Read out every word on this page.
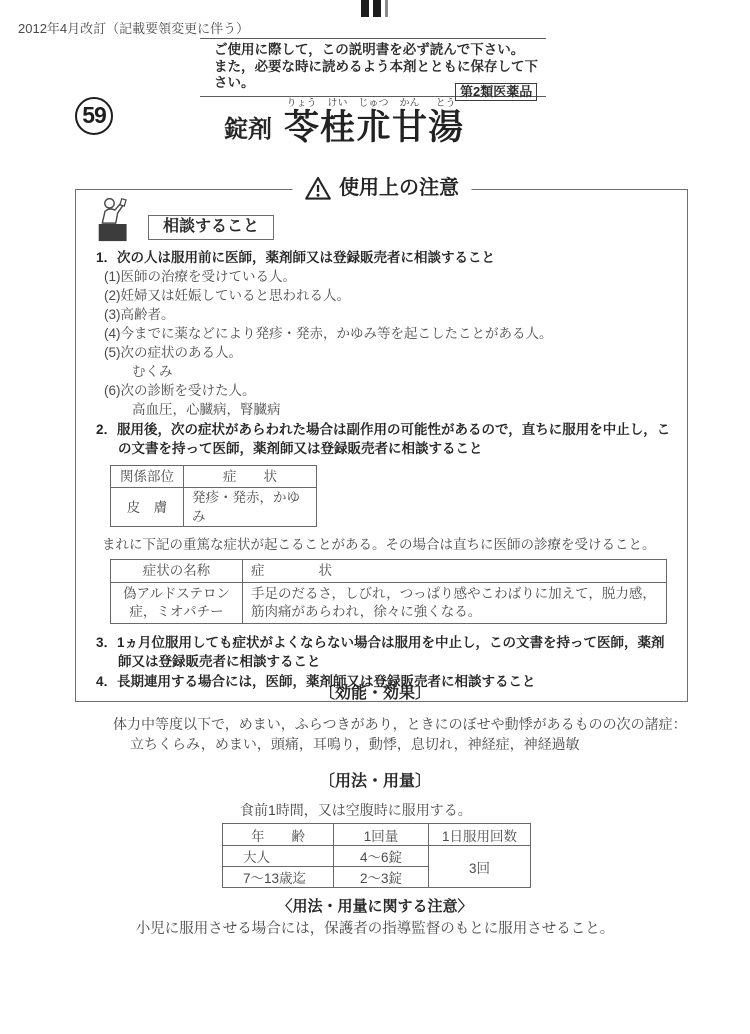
2012年4月改訂（記載要領変更に伴う）
ご使用に際して，この説明書を必ず読んで下さい。
また，必要な時に読めるよう本剤とともに保存して下さい。
第2類医薬品
59
錠剤
りょう
苓
けい
桂
じゅつ
朮
かん
甘
とう
湯
使用上の注意
相談すること
1．次の人は服用前に医師，薬剤師又は登録販売者に相談すること
(1)医師の治療を受けている人。
(2)妊婦又は妊娠していると思われる人。
(3)高齢者。
(4)今までに薬などにより発疹・発赤，かゆみ等を起こしたことがある人。
(5)次の症状のある人。
むくみ
(6)次の診断を受けた人。
高血圧，心臓病，腎臓病
2．服用後，次の症状があらわれた場合は副作用の可能性があるので，直ちに服用を中止し，この文書を持って医師，薬剤師又は登録販売者に相談すること
関係部位	症　　状
皮　膚	発疹・発赤，かゆみ
まれに下記の重篤な症状が起こることがある。その場合は直ちに医師の診療を受けること。
症状の名称	症　　　　状
偽アルドステロン症，ミオパチー	手足のだるさ，しびれ，つっぱり感やこわばりに加えて，脱力感，筋肉痛があらわれ，徐々に強くなる。
3．1ヵ月位服用しても症状がよくならない場合は服用を中止し，この文書を持って医師，薬剤師又は登録販売者に相談すること
4．長期連用する場合には，医師，薬剤師又は登録販売者に相談すること
〔効能・効果〕
体力中等度以下で，めまい，ふらつきがあり，ときにのぼせや動悸があるものの次の諸症：
立ちくらみ，めまい，頭痛，耳鳴り，動悸，息切れ，神経症，神経過敏
〔用法・用量〕
食前1時間，又は空腹時に服用する。
年　　齢	1回量	1日服用回数
大人	4～6錠	3回
7～13歳迄	2～3錠	
〈用法・用量に関する注意〉
小児に服用させる場合には，保護者の指導監督のもとに服用させること。
